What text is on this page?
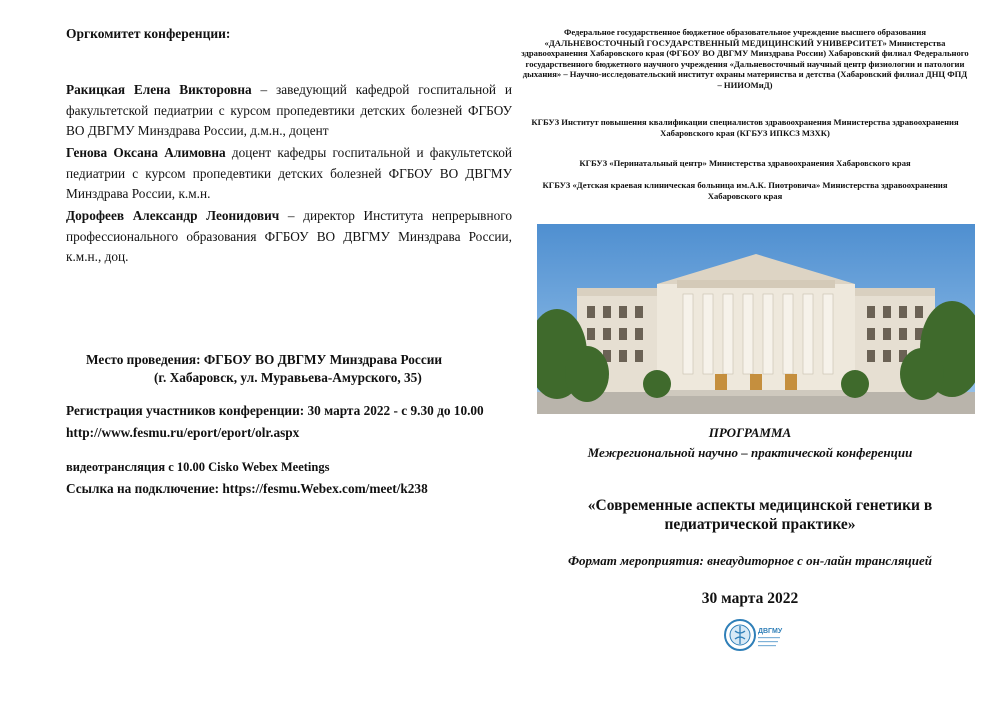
Оргкомитет конференции:

Ракицкая Елена Викторовна – заведующий кафедрой госпитальной и факультетской педиатрии с курсом пропедевтики детских болезней ФГБОУ ВО ДВГМУ Минздрава России, д.м.н., доцент

Генова Оксана Алимовна доцент кафедры госпитальной и факультетской педиатрии с курсом пропедевтики детских болезней ФГБОУ ВО ДВГМУ Минздрава России, к.м.н.

Дорофеев Александр Леонидович – директор Института непрерывного профессионального образования ФГБОУ ВО ДВГМУ Минздрава России, к.м.н., доц.

Место проведения: ФГБОУ ВО ДВГМУ Минздрава России
(г. Хабаровск, ул. Муравьева-Амурского, 35)
Регистрация участников конференции: 30 марта 2022 - с 9.30 до 10.00
http://www.fesmu.ru/eport/eport/olr.aspx
видеотрансляция с 10.00 Cisko Webex Meetings
Ссылка на подключение: https://fesmu.Webex.com/meet/k238
Федеральное государственное бюджетное образовательное учреждение высшего образования «ДАЛЬНЕВОСТОЧНЫЙ ГОСУДАРСТВЕННЫЙ МЕДИЦИНСКИЙ УНИВЕРСИТЕТ» Министерства здравоохранения Хабаровского края (ФГБОУ ВО ДВГМУ Минздрава России) Хабаровский филиал Федерального государственного бюджетного научного учреждения «Дальневосточный научный центр физиологии и патологии дыхания» – Научно-исследовательский институт охраны материнства и детства (Хабаровский филиал ДНЦ ФПД – НИИОМиД)
КГБУЗ Институт повышения квалификации специалистов здравоохранения Министерства здравоохранения Хабаровского края (КГБУЗ ИПКСЗ МЗХК)
КГБУЗ «Перинатальный центр» Министерства здравоохранения Хабаровского края
КГБУЗ «Детская краевая клиническая больница им.А.К. Пиотровича» Министерства здравоохранения Хабаровского края
ПРОГРАММА
Межрегиональной научно – практической конференции
«Современные аспекты медицинской генетики в педиатрической практике»
Формат мероприятия: внеаудиторное с он-лайн трансляцией
30 марта 2022
ДВГМУ
